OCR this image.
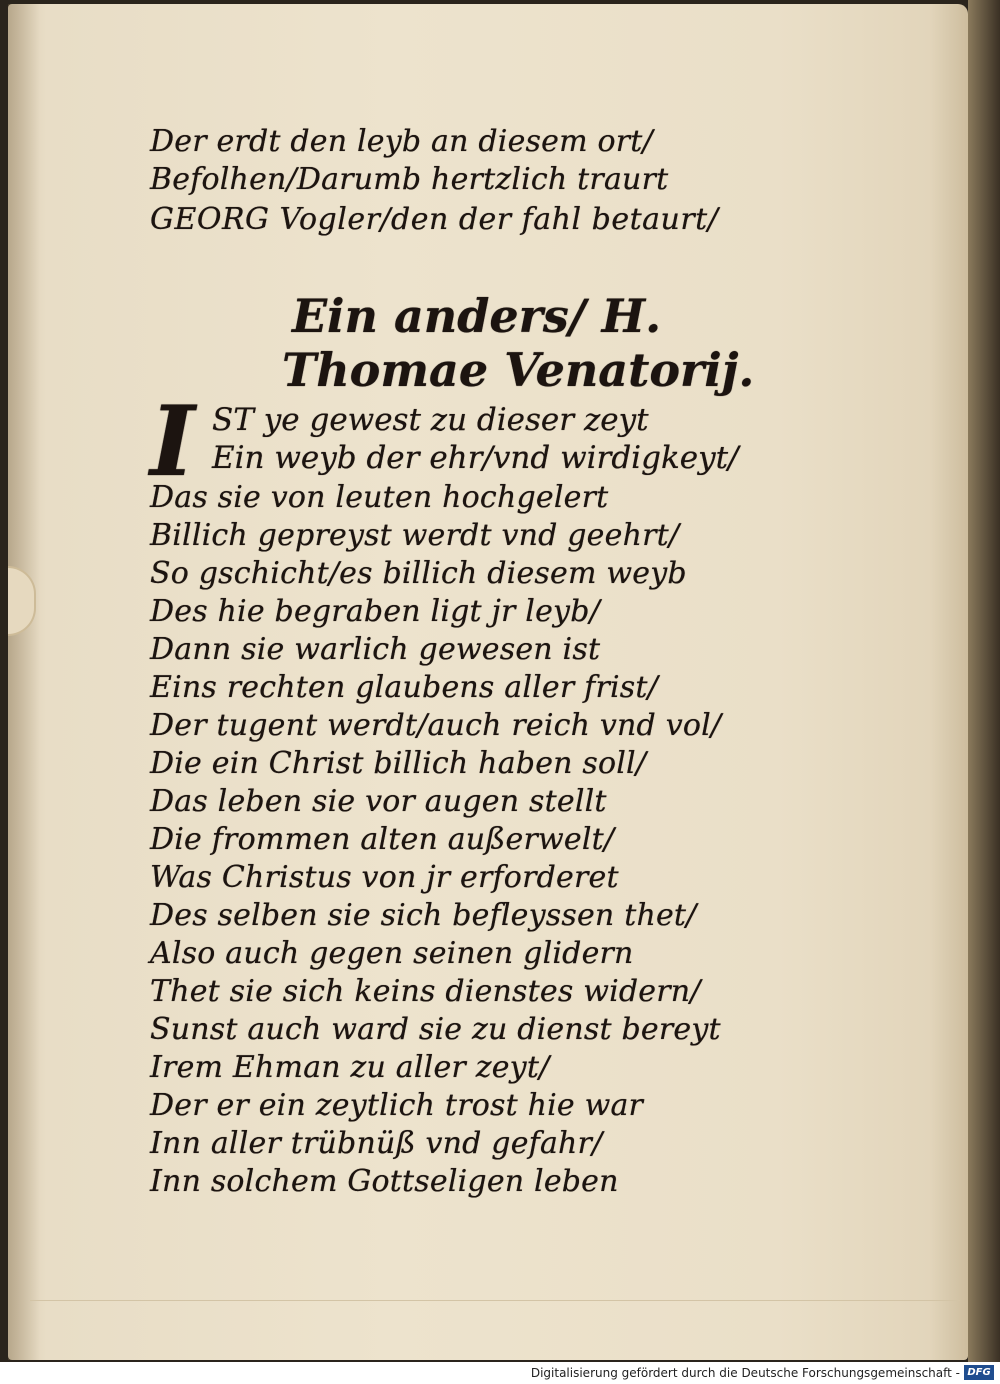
Der erdt den leyb an diesem ort/
Befolhen/Darumb hertzlich traurt
GEORG Vogler/den der fahl betaurt/
Ein anders/ H.
Thomae Venatorij.
I ST ye gewest zu dieser zeyt
Ein weyb der ehr/vnd wirdigkeyt/
Das sie von leuten hochgelert
Billich gepreyst werdt vnd geehrt/
So gschicht/es billich diesem weyb
Des hie begraben ligt jr leyb/
Dann sie warlich gewesen ist
Eins rechten glaubens aller frist/
Der tugent werdt/auch reich vnd vol/
Die ein Christ billich haben soll/
Das leben sie vor augen stellt
Die frommen alten außerwelt/
Was Christus von jr erforderet
Des selben sie sich befleyssen thet/
Also auch gegen seinen glidern
Thet sie sich keins dienstes widern/
Sunst auch ward sie zu dienst bereyt
Irem Ehman zu aller zeyt/
Der er ein zeytlich trost hie war
Inn aller trübnüß vnd gefahr/
Inn solchem Gottseligen leben
Digitalisierung gefördert durch die Deutsche Forschungsgemeinschaft - DFG
